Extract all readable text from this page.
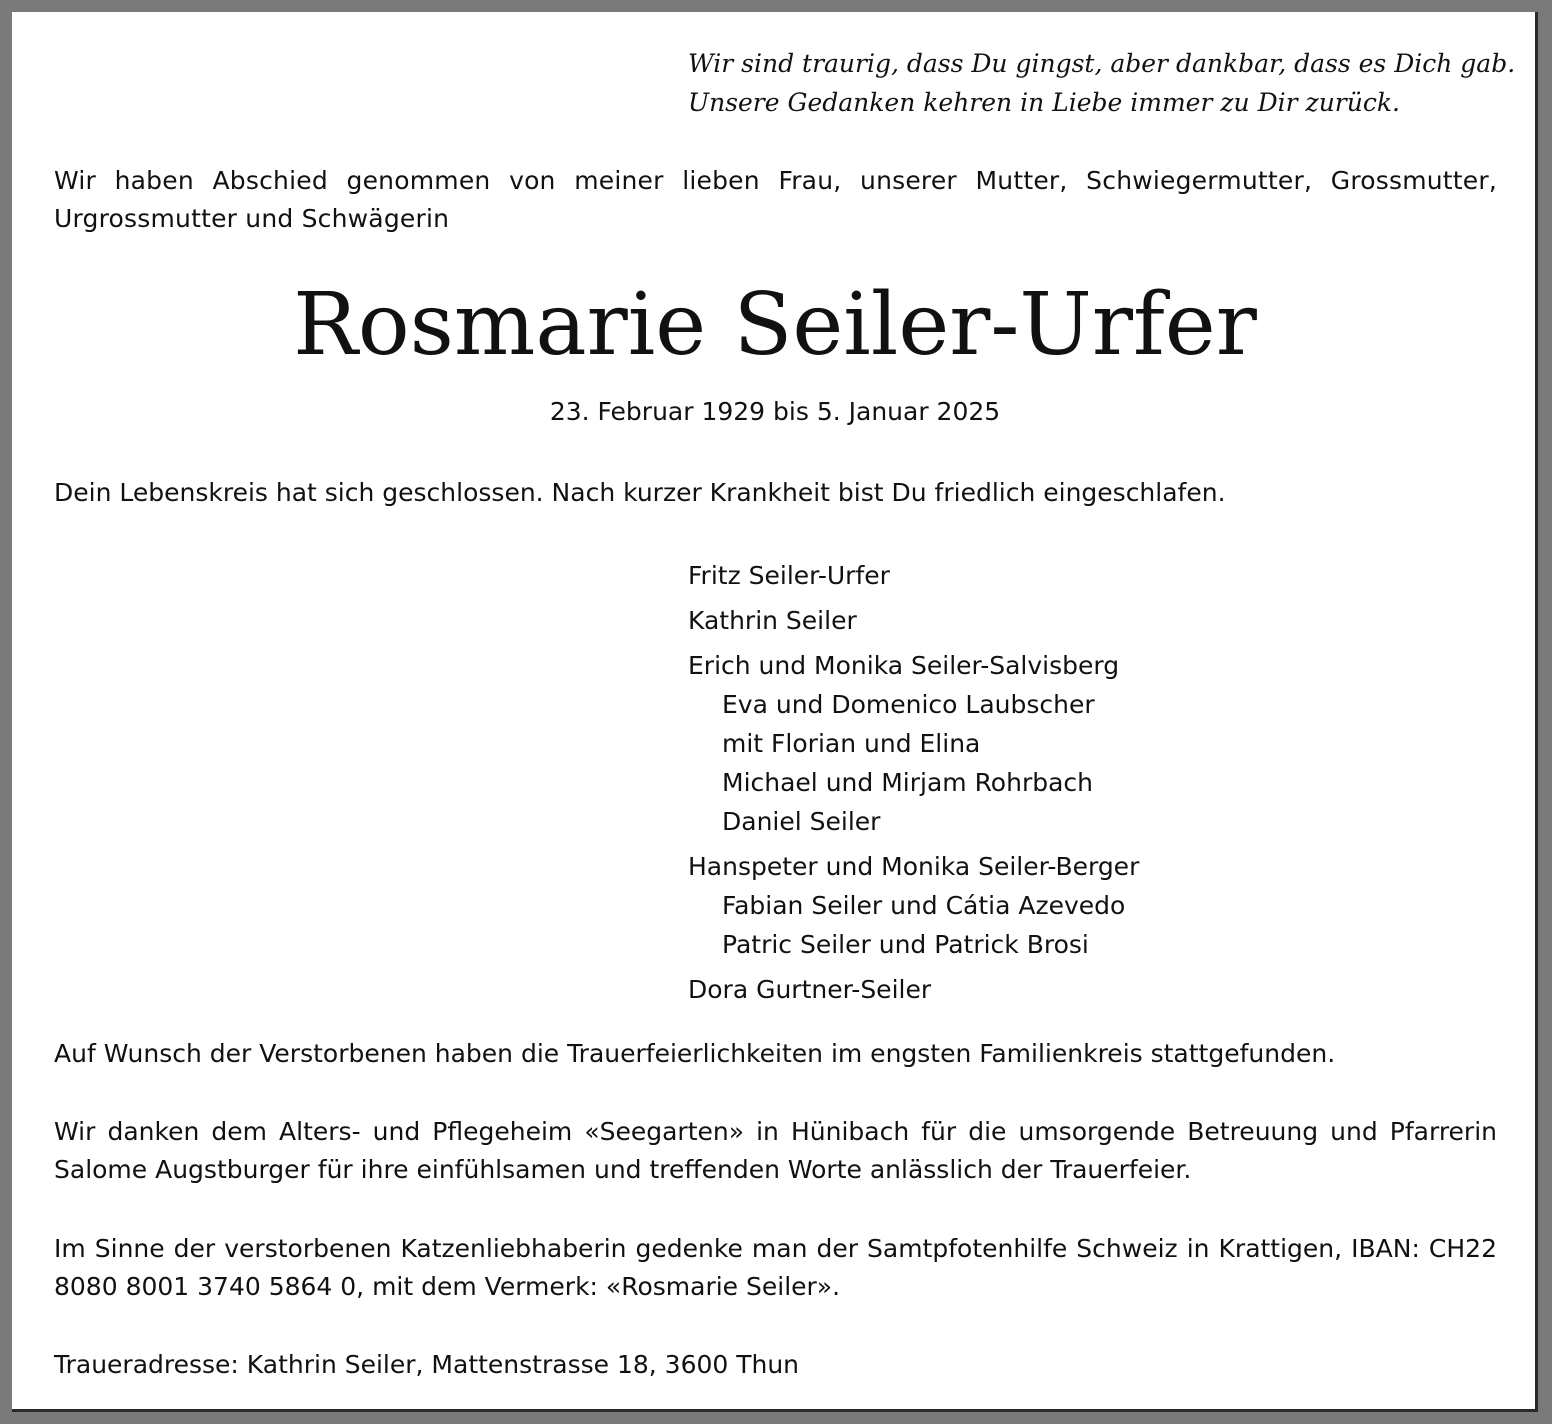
Wir sind traurig, dass Du gingst, aber dankbar, dass es Dich gab.
Unsere Gedanken kehren in Liebe immer zu Dir zurück.
Wir haben Abschied genommen von meiner lieben Frau, unserer Mutter, Schwiegermutter, Grossmutter, Urgrossmutter und Schwägerin
Rosmarie Seiler-Urfer
23. Februar 1929 bis 5. Januar 2025
Dein Lebenskreis hat sich geschlossen. Nach kurzer Krankheit bist Du friedlich eingeschlafen.
Fritz Seiler-Urfer
Kathrin Seiler
Erich und Monika Seiler-Salvisberg
Eva und Domenico Laubscher
mit Florian und Elina
Michael und Mirjam Rohrbach
Daniel Seiler
Hanspeter und Monika Seiler-Berger
Fabian Seiler und Cátia Azevedo
Patric Seiler und Patrick Brosi
Dora Gurtner-Seiler
Auf Wunsch der Verstorbenen haben die Trauerfeierlichkeiten im engsten Familienkreis stattgefunden.
Wir danken dem Alters- und Pflegeheim «Seegarten» in Hünibach für die umsorgende Betreuung und Pfarrerin Salome Augstburger für ihre einfühlsamen und treffenden Worte anlässlich der Trauerfeier.
Im Sinne der verstorbenen Katzenliebhaberin gedenke man der Samtpfotenhilfe Schweiz in Krattigen, IBAN: CH22 8080 8001 3740 5864 0, mit dem Vermerk: «Rosmarie Seiler».
Traueradresse: Kathrin Seiler, Mattenstrasse 18, 3600 Thun
